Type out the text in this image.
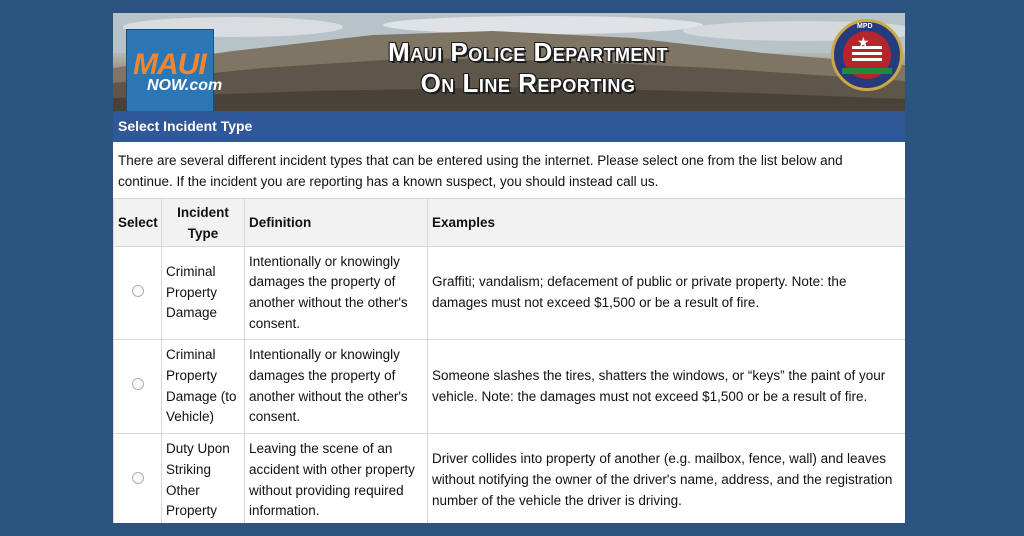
MAUI
NOW.com
Maui Police Department
On Line Reporting
★
MPD
Select Incident Type
There are several different incident types that can be entered using the internet. Please select one from the list below and continue. If the incident you are reporting has a known suspect, you should instead call us.
Select	Incident Type	Definition	Examples
	Criminal Property Damage	Intentionally or knowingly damages the property of another without the other's consent.	Graffiti; vandalism; defacement of public or private property. Note: the damages must not exceed $1,500 or be a result of fire.
	Criminal Property Damage (to Vehicle)	Intentionally or knowingly damages the property of another without the other's consent.	Someone slashes the tires, shatters the windows, or “keys” the paint of your vehicle. Note: the damages must not exceed $1,500 or be a result of fire.
	Duty Upon Striking Other Property	Leaving the scene of an accident with other property without providing required information.	Driver collides into property of another (e.g. mailbox, fence, wall) and leaves without notifying the owner of the driver's name, address, and the registration number of the vehicle the driver is driving.
